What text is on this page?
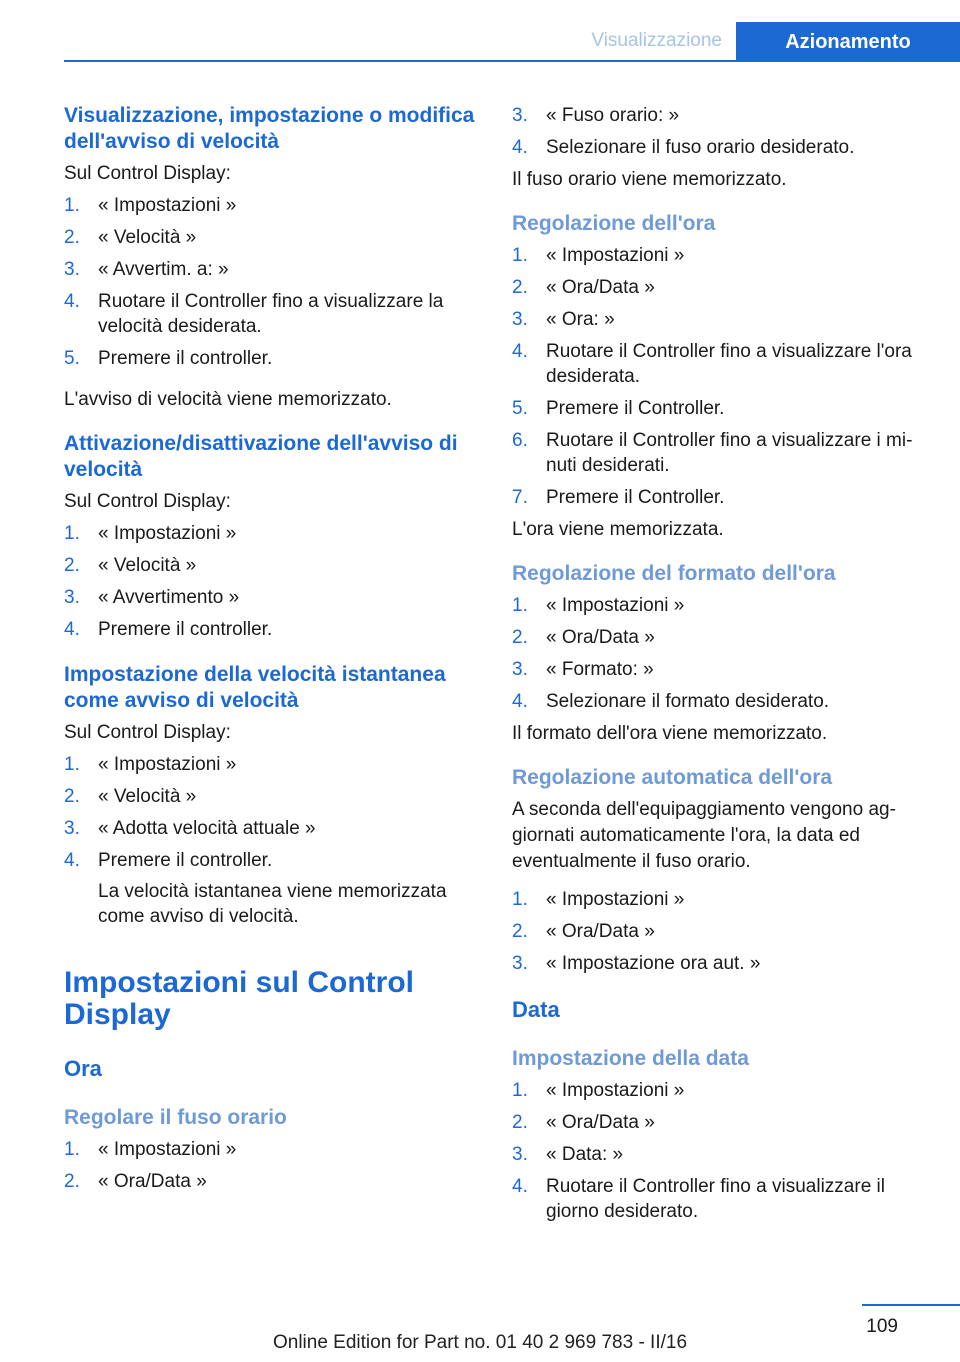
Visualizzazione	Azionamento
Visualizzazione, impostazione o modifica dell'avviso di velocità
Sul Control Display:
1. « Impostazioni »
2. « Velocità »
3. « Avvertim. a: »
4. Ruotare il Controller fino a visualizzare la velocità desiderata.
5. Premere il controller.
L'avviso di velocità viene memorizzato.
Attivazione/disattivazione dell'avviso di velocità
Sul Control Display:
1. « Impostazioni »
2. « Velocità »
3. « Avvertimento »
4. Premere il controller.
Impostazione della velocità istantanea come avviso di velocità
Sul Control Display:
1. « Impostazioni »
2. « Velocità »
3. « Adotta velocità attuale »
4. Premere il controller.
La velocità istantanea viene memorizzata come avviso di velocità.
Impostazioni sul Control Display
Ora
Regolare il fuso orario
1. « Impostazioni »
2. « Ora/Data »
3. « Fuso orario: »
4. Selezionare il fuso orario desiderato.
Il fuso orario viene memorizzato.
Regolazione dell'ora
1. « Impostazioni »
2. « Ora/Data »
3. « Ora: »
4. Ruotare il Controller fino a visualizzare l'ora desiderata.
5. Premere il Controller.
6. Ruotare il Controller fino a visualizzare i mi‐ nuti desiderati.
7. Premere il Controller.
L'ora viene memorizzata.
Regolazione del formato dell'ora
1. « Impostazioni »
2. « Ora/Data »
3. « Formato: »
4. Selezionare il formato desiderato.
Il formato dell'ora viene memorizzato.
Regolazione automatica dell'ora
A seconda dell'equipaggiamento vengono ag‐ giornati automaticamente l'ora, la data ed eventualmente il fuso orario.
1. « Impostazioni »
2. « Ora/Data »
3. « Impostazione ora aut. »
Data
Impostazione della data
1. « Impostazioni »
2. « Ora/Data »
3. « Data: »
4. Ruotare il Controller fino a visualizzare il giorno desiderato.
109
Online Edition for Part no. 01 40 2 969 783 - II/16
